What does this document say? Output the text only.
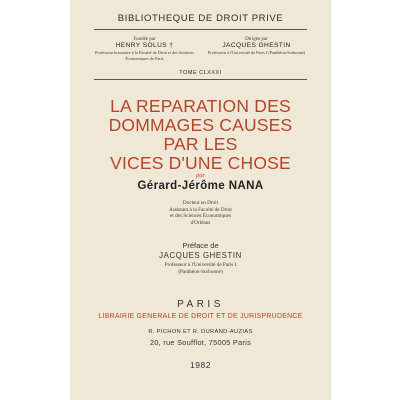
BIBLIOTHEQUE DE DROIT PRIVE
Fondée par
HENRY SOLUS †
Professeur honoraire à la Faculté de Droit et des Sciences Économiques de Paris
Dirigée par
JACQUES GHESTIN
Professeur à l'Université de Paris I (Panthéon-Sorbonne)
TOME CLXXXI
LA REPARATION DES
DOMMAGES CAUSES
PAR LES
VICES D'UNE CHOSE
par
Gérard-Jérôme NANA
Docteur en Droit
Assistant à la Faculté de Droit
et des Sciences Économiques
d'Orléans
Préface de
JACQUES GHESTIN
Professeur à l'Université de Paris I
(Panthéon-Sorbonne)
PARIS
LIBRAIRIE GENERALE DE DROIT ET DE JURISPRUDENCE
R. PICHON ET R. DURAND-AUZIAS
20, rue Soufflot, 75005 Paris
1982
